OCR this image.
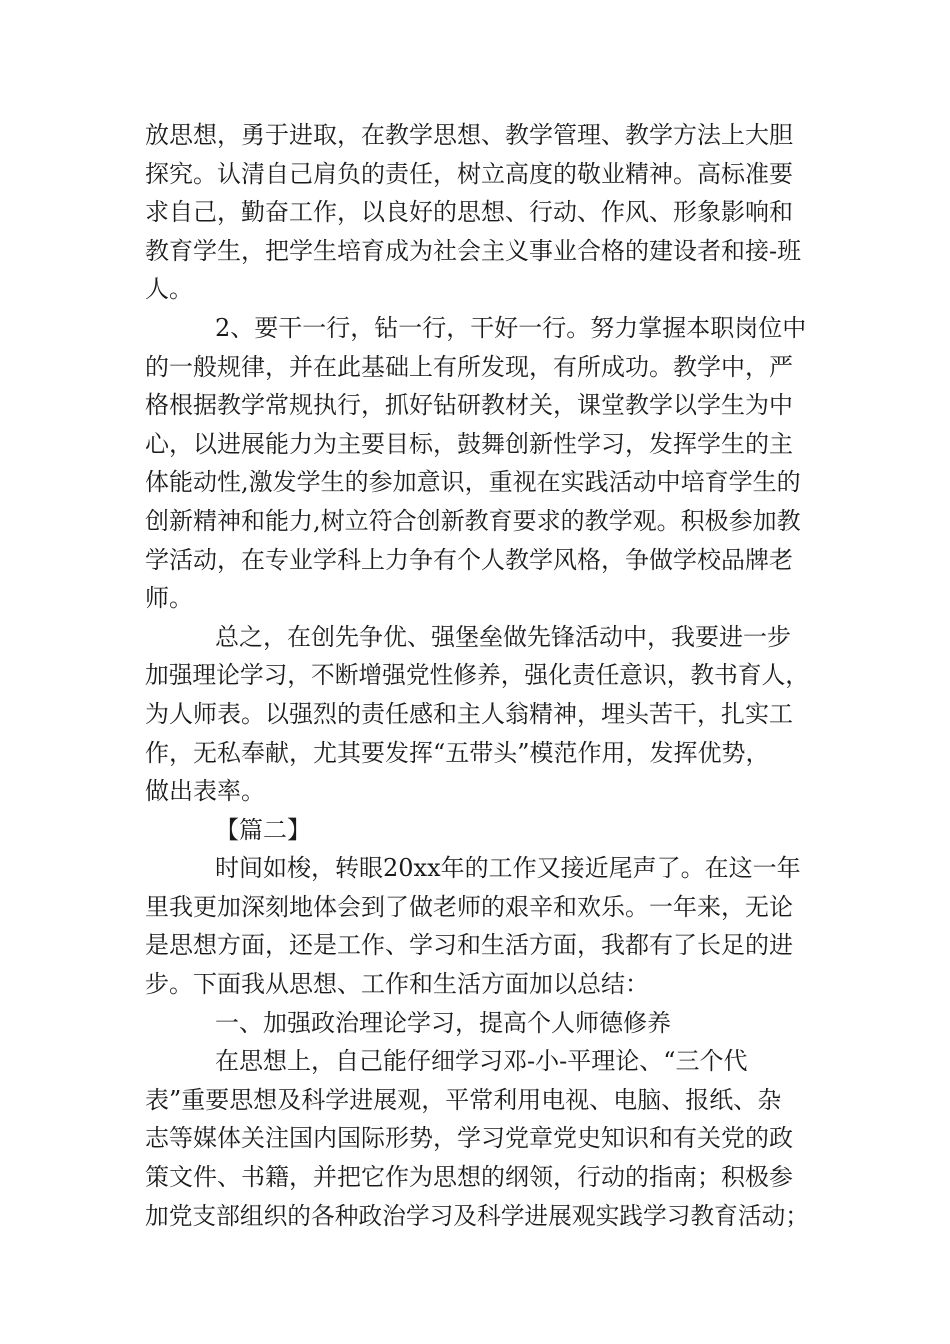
放思想，勇于进取，在教学思想、教学管理、教学方法上大胆
探究。认清自己肩负的责任，树立高度的敬业精神。高标准要
求自己，勤奋工作，以良好的思想、行动、作风、形象影响和
教育学生，把学生培育成为社会主义事业合格的建设者和接-班
人。
2、要干一行，钻一行，干好一行。努力掌握本职岗位中
的一般规律，并在此基础上有所发现，有所成功。教学中，严
格根据教学常规执行，抓好钻研教材关，课堂教学以学生为中
心，以进展能力为主要目标，鼓舞创新性学习，发挥学生的主
体能动性,激发学生的参加意识，重视在实践活动中培育学生的
创新精神和能力,树立符合创新教育要求的教学观。积极参加教
学活动，在专业学科上力争有个人教学风格，争做学校品牌老
师。
总之，在创先争优、强堡垒做先锋活动中，我要进一步
加强理论学习，不断增强党性修养，强化责任意识，教书育人，
为人师表。以强烈的责任感和主人翁精神，埋头苦干，扎实工
作，无私奉献，尤其要发挥“五带头”模范作用，发挥优势，
做出表率。
【篇二】
时间如梭，转眼20xx年的工作又接近尾声了。在这一年
里我更加深刻地体会到了做老师的艰辛和欢乐。一年来，无论
是思想方面，还是工作、学习和生活方面，我都有了长足的进
步。下面我从思想、工作和生活方面加以总结：
一、加强政治理论学习，提高个人师德修养
在思想上，自己能仔细学习邓-小-平理论、“三个代
表”重要思想及科学进展观，平常利用电视、电脑、报纸、杂
志等媒体关注国内国际形势，学习党章党史知识和有关党的政
策文件、书籍，并把它作为思想的纲领，行动的指南；积极参
加党支部组织的各种政治学习及科学进展观实践学习教育活动；
